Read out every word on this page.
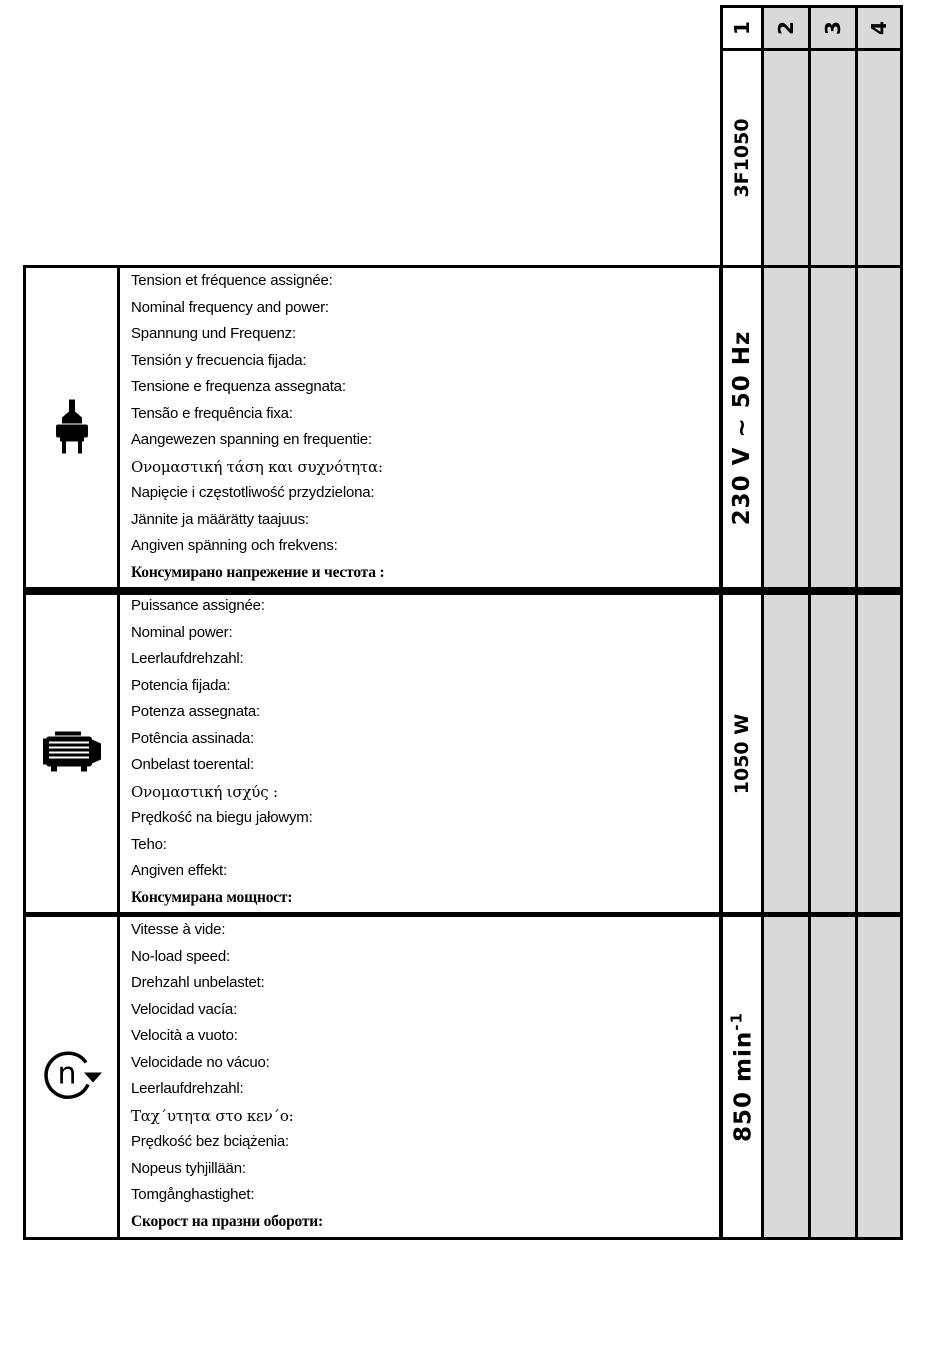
1 2 3 4
3F1050
Tension et fréquence assignée:
Nominal frequency and power:
Spannung und Frequenz:
Tensión y frecuencia fijada:
Tensione e frequenza assegnata:
Tensão e frequência fixa:
Aangewezen spanning en frequentie:
Ονομαστική τάση και συχνότητα:
Napięcie i częstotliwość przydzielona:
Jännite ja määrätty taajuus:
Angiven spänning och frekvens:
Консумирано напрежение и честота :
230 V ~ 50 Hz
Puissance assignée:
Nominal power:
Leerlaufdrehzahl:
Potencia fijada:
Potenza assegnata:
Potência assinada:
Onbelast toerental:
Ονομαστική ισχύς :
Prędkość na biegu jałowym:
Teho:
Angiven effekt:
Консумирана мощност:
1050 W
n
Vitesse à vide:
No-load speed:
Drehzahl unbelastet:
Velocidad vacía:
Velocità a vuoto:
Velocidade no vácuo:
Leerlaufdrehzahl:
Ταχ΄υτητα στο κεν΄ο:
Prędkość bez bciążenia:
Nopeus tyhjillään:
Tomgånghastighet:
Скорост на празни обороти:
850 $\min^{-1}$
